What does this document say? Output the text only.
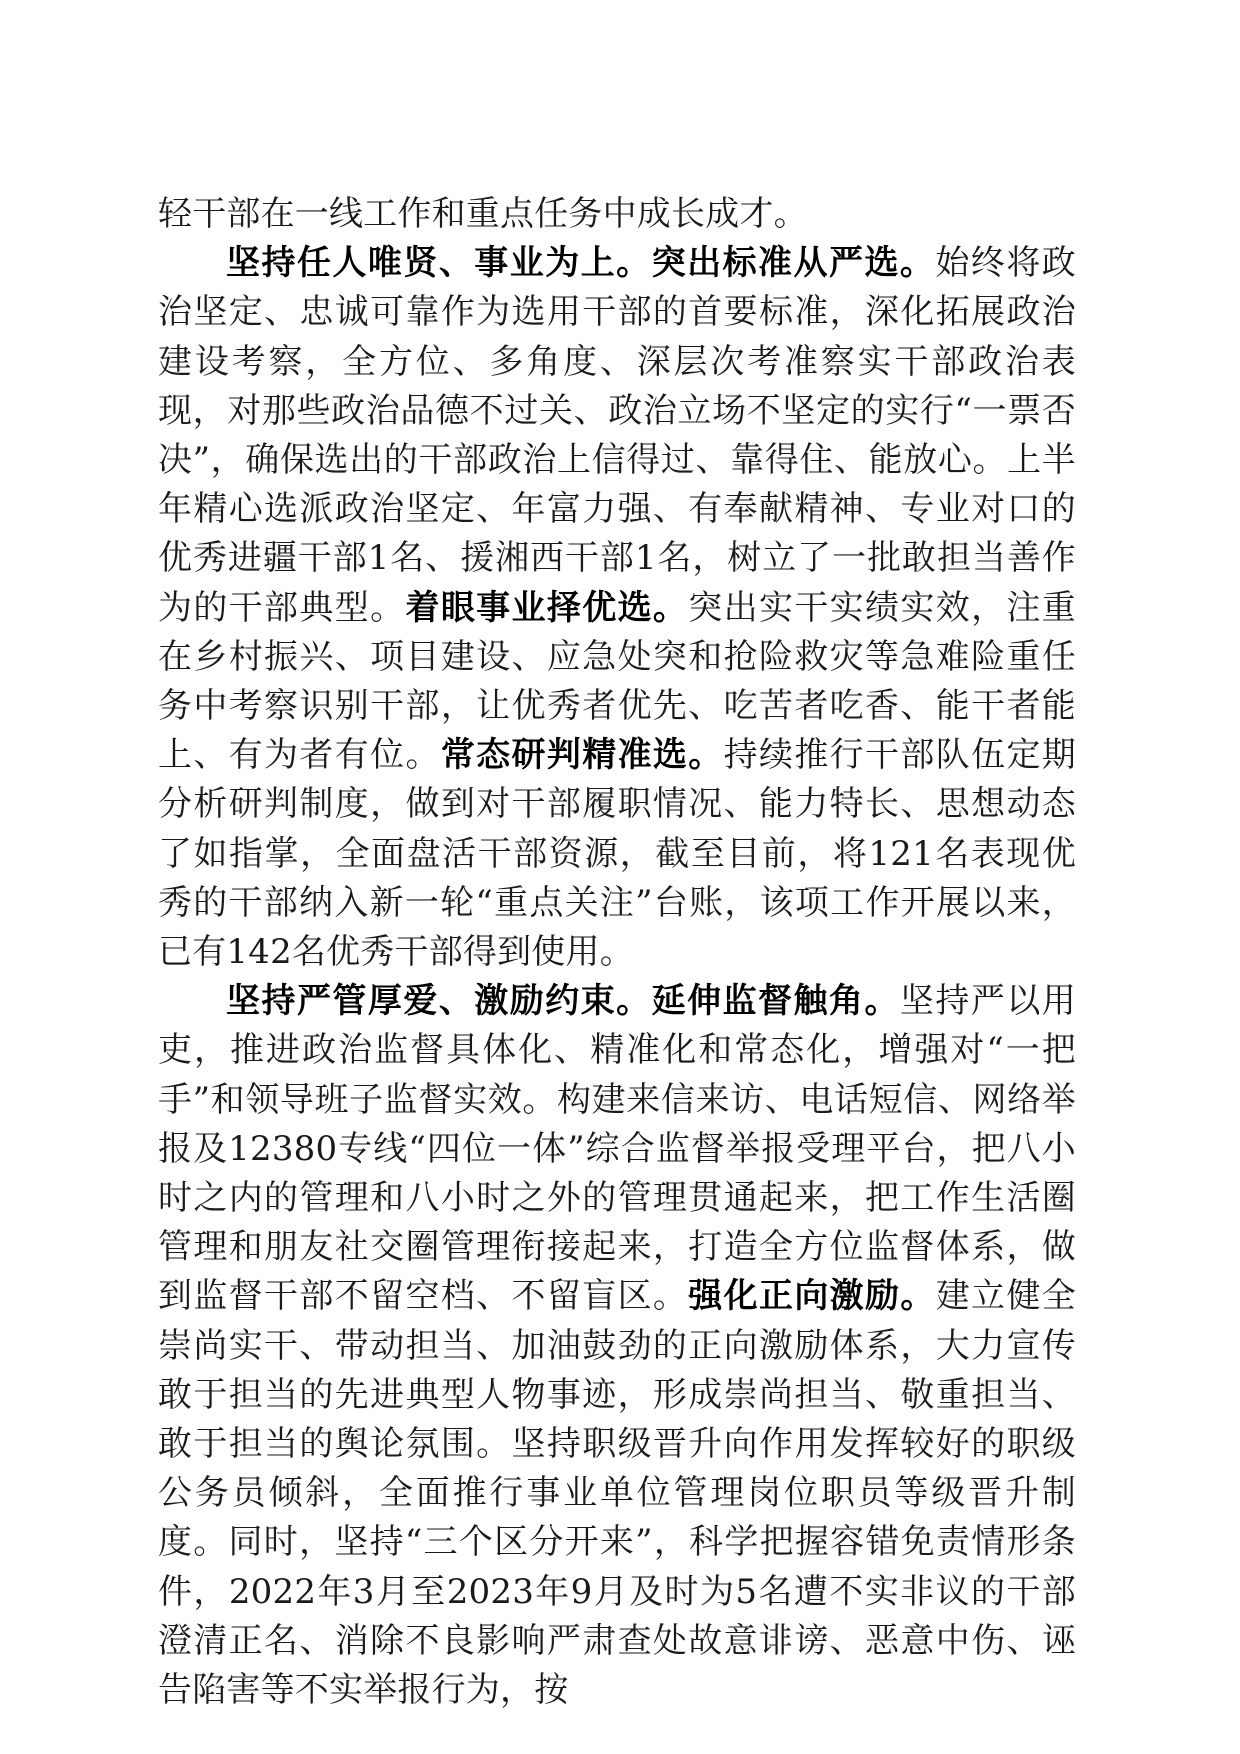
轻干部在一线工作和重点任务中成长成才。

坚持任人唯贤、事业为上。突出标准从严选。始终将政治坚定、忠诚可靠作为选用干部的首要标准，深化拓展政治建设考察，全方位、多角度、深层次考准察实干部政治表现，对那些政治品德不过关、政治立场不坚定的实行“一票否决”，确保选出的干部政治上信得过、靠得住、能放心。上半年精心选派政治坚定、年富力强、有奉献精神、专业对口的优秀进疆干部1名、援湘西干部1名，树立了一批敢担当善作为的干部典型。着眼事业择优选。突出实干实绩实效，注重在乡村振兴、项目建设、应急处突和抢险救灾等急难险重任务中考察识别干部，让优秀者优先、吃苦者吃香、能干者能上、有为者有位。常态研判精准选。持续推行干部队伍定期分析研判制度，做到对干部履职情况、能力特长、思想动态了如指掌，全面盘活干部资源，截至目前，将121名表现优秀的干部纳入新一轮“重点关注”台账，该项工作开展以来，已有142名优秀干部得到使用。

坚持严管厚爱、激励约束。延伸监督触角。坚持严以用吏，推进政治监督具体化、精准化和常态化，增强对“一把手”和领导班子监督实效。构建来信来访、电话短信、网络举报及12380专线“四位一体”综合监督举报受理平台，把八小时之内的管理和八小时之外的管理贯通起来，把工作生活圈管理和朋友社交圈管理衔接起来，打造全方位监督体系，做到监督干部不留空档、不留盲区。强化正向激励。建立健全崇尚实干、带动担当、加油鼓劲的正向激励体系，大力宣传敢于担当的先进典型人物事迹，形成崇尚担当、敬重担当、敢于担当的舆论氛围。坚持职级晋升向作用发挥较好的职级公务员倾斜，全面推行事业单位管理岗位职员等级晋升制度。同时，坚持“三个区分开来”，科学把握容错免责情形条件，2022年3月至2023年9月及时为5名遭不实非议的干部澄清正名、消除不良影响严肃查处故意诽谤、恶意中伤、诬告陷害等不实举报行为，按
